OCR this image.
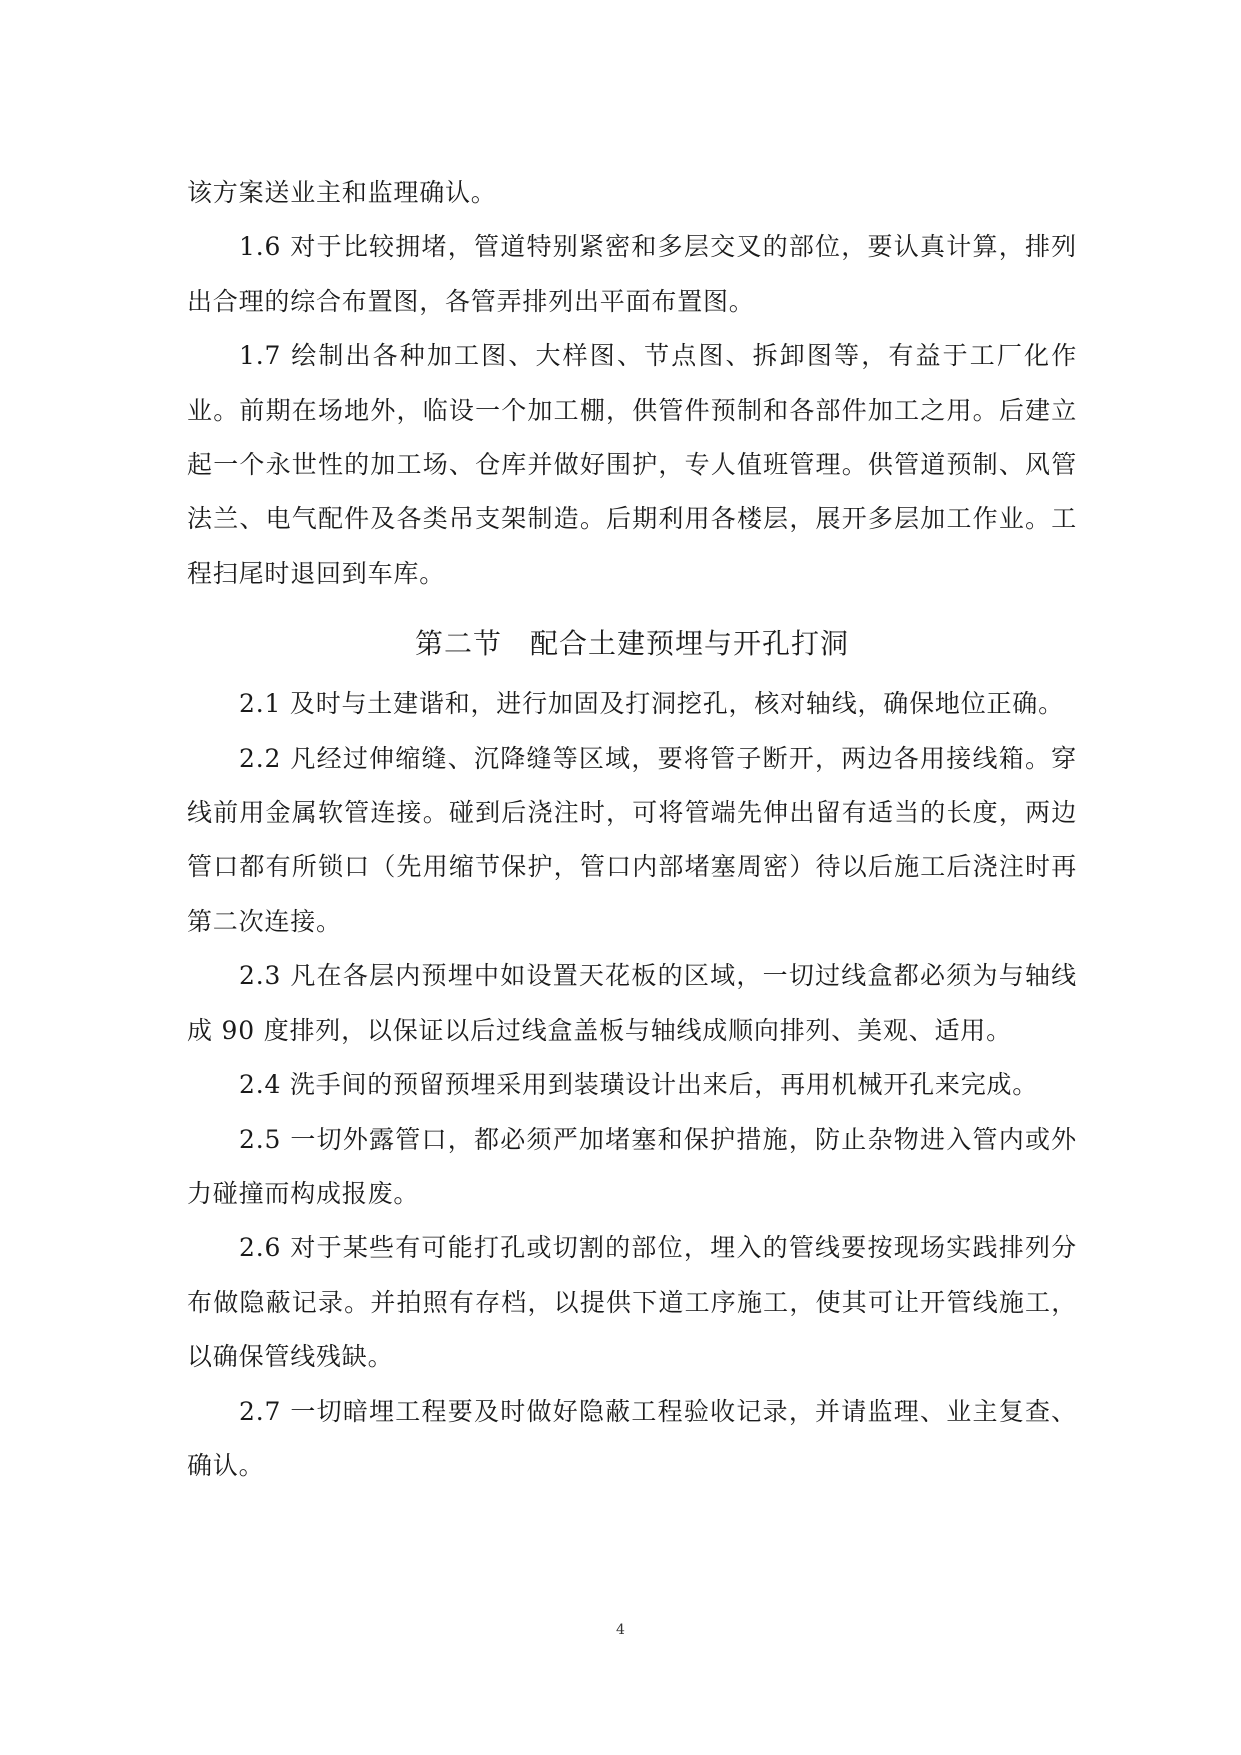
该方案送业主和监理确认。

1.6 对于比较拥堵，管道特别紧密和多层交叉的部位，要认真计算，排列出合理的综合布置图，各管弄排列出平面布置图。

1.7 绘制出各种加工图、大样图、节点图、拆卸图等，有益于工厂化作业。前期在场地外，临设一个加工棚，供管件预制和各部件加工之用。后建立起一个永世性的加工场、仓库并做好围护，专人值班管理。供管道预制、风管法兰、电气配件及各类吊支架制造。后期利用各楼层，展开多层加工作业。工程扫尾时退回到车库。

第二节 配合土建预埋与开孔打洞

2.1 及时与土建谐和，进行加固及打洞挖孔，核对轴线，确保地位正确。

2.2 凡经过伸缩缝、沉降缝等区域，要将管子断开，两边各用接线箱。穿线前用金属软管连接。碰到后浇注时，可将管端先伸出留有适当的长度，两边管口都有所锁口（先用缩节保护，管口内部堵塞周密）待以后施工后浇注时再第二次连接。

2.3 凡在各层内预埋中如设置天花板的区域，一切过线盒都必须为与轴线成 90 度排列，以保证以后过线盒盖板与轴线成顺向排列、美观、适用。

2.4 洗手间的预留预埋采用到装璜设计出来后，再用机械开孔来完成。

2.5 一切外露管口，都必须严加堵塞和保护措施，防止杂物进入管内或外力碰撞而构成报废。

2.6 对于某些有可能打孔或切割的部位，埋入的管线要按现场实践排列分布做隐蔽记录。并拍照有存档，以提供下道工序施工，使其可让开管线施工，以确保管线残缺。

2.7 一切暗埋工程要及时做好隐蔽工程验收记录，并请监理、业主复查、确认。

4
